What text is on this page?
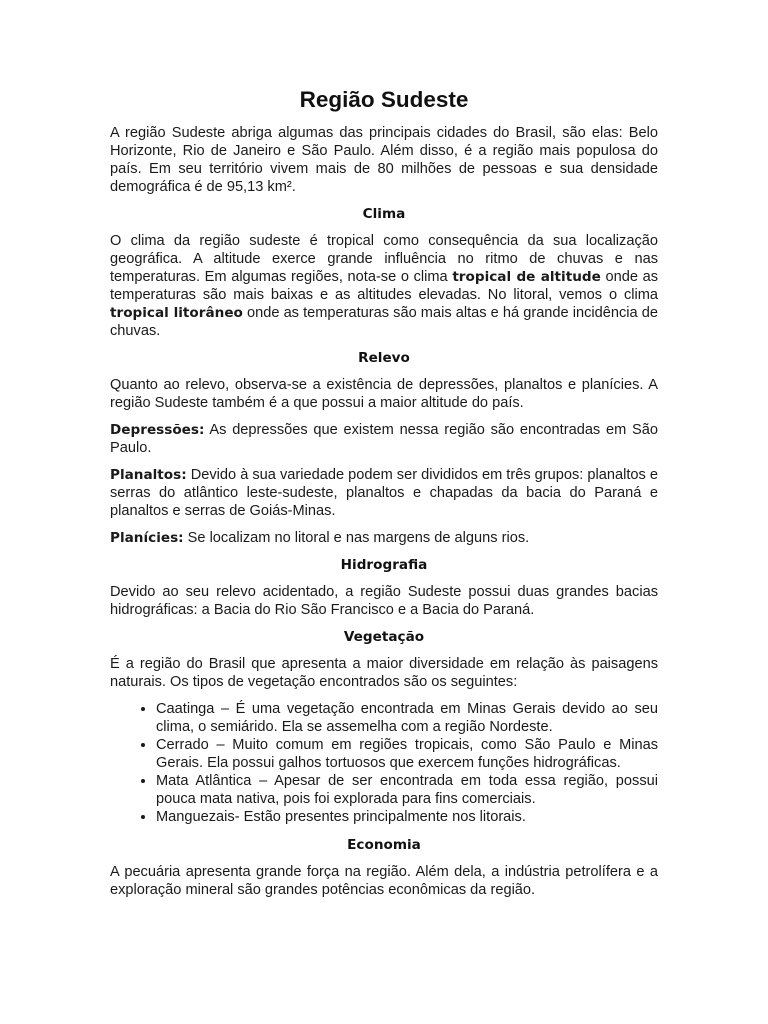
Região Sudeste

A região Sudeste abriga algumas das principais cidades do Brasil, são elas: Belo Horizonte, Rio de Janeiro e São Paulo. Além disso, é a região mais populosa do país. Em seu território vivem mais de 80 milhões de pessoas e sua densidade demográfica é de 95,13 km².

Clima

O clima da região sudeste é tropical como consequência da sua localização geográfica. A altitude exerce grande influência no ritmo de chuvas e nas temperaturas. Em algumas regiões, nota-se o clima tropical de altitude onde as temperaturas são mais baixas e as altitudes elevadas. No litoral, vemos o clima tropical litorâneo onde as temperaturas são mais altas e há grande incidência de chuvas.

Relevo

Quanto ao relevo, observa-se a existência de depressões, planaltos e planícies. A região Sudeste também é a que possui a maior altitude do país.

Depressões: As depressões que existem nessa região são encontradas em São Paulo.

Planaltos: Devido à sua variedade podem ser divididos em três grupos: planaltos e serras do atlântico leste-sudeste, planaltos e chapadas da bacia do Paraná e planaltos e serras de Goiás-Minas.

Planícies: Se localizam no litoral e nas margens de alguns rios.

Hidrografia

Devido ao seu relevo acidentado, a região Sudeste possui duas grandes bacias hidrográficas: a Bacia do Rio São Francisco e a Bacia do Paraná.

Vegetação

É a região do Brasil que apresenta a maior diversidade em relação às paisagens naturais. Os tipos de vegetação encontrados são os seguintes:

• Caatinga – É uma vegetação encontrada em Minas Gerais devido ao seu clima, o semiárido. Ela se assemelha com a região Nordeste.
• Cerrado – Muito comum em regiões tropicais, como São Paulo e Minas Gerais. Ela possui galhos tortuosos que exercem funções hidrográficas.
• Mata Atlântica – Apesar de ser encontrada em toda essa região, possui pouca mata nativa, pois foi explorada para fins comerciais.
• Manguezais- Estão presentes principalmente nos litorais.
Economia

A pecuária apresenta grande força na região. Além dela, a indústria petrolífera e a exploração mineral são grandes potências econômicas da região.
